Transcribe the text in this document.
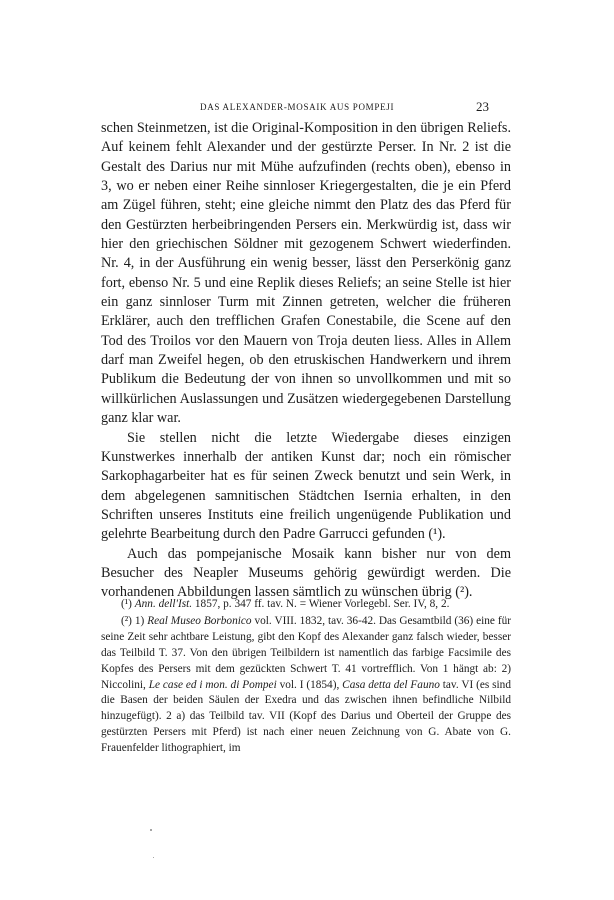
DAS ALEXANDER-MOSAIK AUS POMPEJI	23

schen Steinmetzen, ist die Original-Komposition in den übrigen Reliefs. Auf keinem fehlt Alexander und der gestürzte Perser. In Nr. 2 ist die Gestalt des Darius nur mit Mühe aufzufinden (rechts oben), ebenso in 3, wo er neben einer Reihe sinnloser Kriegergestalten, die je ein Pferd am Zügel führen, steht; eine gleiche nimmt den Platz des das Pferd für den Gestürzten herbeibringenden Persers ein. Merkwürdig ist, dass wir hier den griechischen Söldner mit gezogenem Schwert wiederfinden. Nr. 4, in der Ausführung ein wenig besser, lässt den Perserkönig ganz fort, ebenso Nr. 5 und eine Replik dieses Reliefs; an seine Stelle ist hier ein ganz sinnloser Turm mit Zinnen getreten, welcher die früheren Erklärer, auch den trefflichen Grafen Conestabile, die Scene auf den Tod des Troilos vor den Mauern von Troja deuten liess. Alles in Allem darf man Zweifel hegen, ob den etruskischen Handwerkern und ihrem Publikum die Bedeutung der von ihnen so unvollkommen und mit so willkürlichen Auslassungen und Zusätzen wiedergegebenen Darstellung ganz klar war.

Sie stellen nicht die letzte Wiedergabe dieses einzigen Kunstwerkes innerhalb der antiken Kunst dar; noch ein römischer Sarkophagarbeiter hat es für seinen Zweck benutzt und sein Werk, in dem abgelegenen samnitischen Städtchen Isernia erhalten, in den Schriften unseres Instituts eine freilich ungenügende Publikation und gelehrte Bearbeitung durch den Padre Garrucci gefunden (¹).

Auch das pompejanische Mosaik kann bisher nur von dem Besucher des Neapler Museums gehörig gewürdigt werden. Die vorhandenen Abbildungen lassen sämtlich zu wünschen übrig (²).

(¹) Ann. dell'Ist. 1857, p. 347 ff. tav. N. = Wiener Vorlegebl. Ser. IV, 8, 2.

(²) 1) Real Museo Borbonico vol. VIII. 1832, tav. 36-42. Das Gesamtbild (36) eine für seine Zeit sehr achtbare Leistung, gibt den Kopf des Alexander ganz falsch wieder, besser das Teilbild T. 37. Von den übrigen Teilbildern ist namentlich das farbige Facsimile des Kopfes des Persers mit dem gezückten Schwert T. 41 vortrefflich. Von 1 hängt ab: 2) Niccolini, Le case ed i mon. di Pompei vol. I (1854), Casa detta del Fauno tav. VI (es sind die Basen der beiden Säulen der Exedra und das zwischen ihnen befindliche Nilbild hinzugefügt). 2 a) das Teilbild tav. VII (Kopf des Darius und Oberteil der Gruppe des gestürzten Persers mit Pferd) ist nach einer neuen Zeichnung von G. Abate von G. Frauenfelder lithographiert, im
